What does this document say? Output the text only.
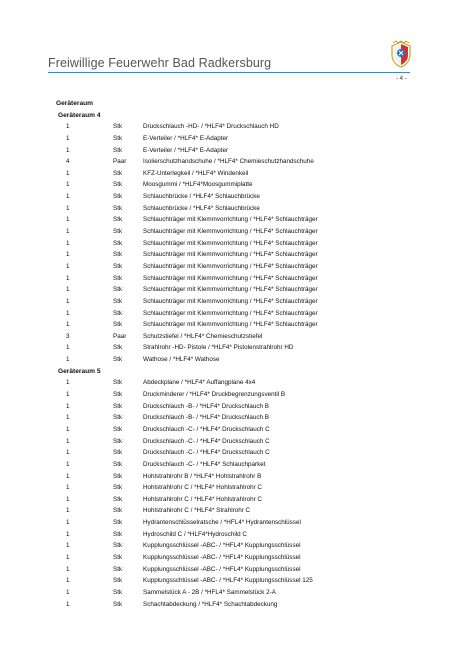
Freiwillige Feuerwehr Bad Radkersburg
- 4 -
Geräteraum
Geräteraum 4
1	Stk	Druckschlauch -HD- / *HLF4* Druckschlauch HD
1	Stk	E-Verteiler / *HLF4* E-Adapter
1	Stk	E-Verteiler / *HLF4* E-Adapter
4	Paar	Isolierschutzhandschuhe / *HLF4* Chemieschutzhandschuhe
1	Stk	KFZ-Unterlegkeil / *HLF4* Windenkeil
1	Stk	Moosgummi / *HLF4*Moosgummiplatte
1	Stk	Schlauchbrücke / *HLF4* Schlauchbrücke
1	Stk	Schlauchbrücke / *HLF4* Schlauchbrücke
1	Stk	Schlauchträger mit Klemmvorrichtung / *HLF4* Schlauchträger
1	Stk	Schlauchträger mit Klemmvorrichtung / *HLF4* Schlauchträger
1	Stk	Schlauchträger mit Klemmvorrichtung / *HLF4* Schlauchträger
1	Stk	Schlauchträger mit Klemmvorrichtung / *HLF4* Schlauchträger
1	Stk	Schlauchträger mit Klemmvorrichtung / *HLF4* Schlauchträger
1	Stk	Schlauchträger mit Klemmvorrichtung / *HLF4* Schlauchträger
1	Stk	Schlauchträger mit Klemmvorrichtung / *HLF4* Schlauchträger
1	Stk	Schlauchträger mit Klemmvorrichtung / *HLF4* Schlauchträger
1	Stk	Schlauchträger mit Klemmvorrichtung / *HLF4* Schlauchträger
1	Stk	Schlauchträger mit Klemmvorrichtung / *HLF4* Schlauchträger
3	Paar	Schutzstiefel / *HLF4* Chemieschutzstiefel
1	Stk	Strahlrohr -HD- Pistole / *HLF4* Pistolenstrahlrohr HD
1	Stk	Wathose / *HLF4* Wathose
Geräteraum 5
1	Stk	Abdeckplane / *HLF4* Auffangplane 4x4
1	Stk	Druckminderer / *HLF4* Druckbegrenzungsventil B
1	Stk	Druckschlauch -B- / *HLF4* Druckschlauch B
1	Stk	Druckschlauch -B- / *HLF4* Druckschlauch B
1	Stk	Druckschlauch -C- / *HLF4* Druckschlauch C
1	Stk	Druckschlauch -C- / *HLF4* Druckschlauch C
1	Stk	Druckschlauch -C- / *HLF4* Druckschlauch C
1	Stk	Druckschlauch -C- / *HLF4* Schlauchparket
1	Stk	Hohlstrahlrohr B / *HLF4* Hohlstrahlrohr B
1	Stk	Hohlstrahlrohr C / *HLF4* Hohlstrahlrohr C
1	Stk	Hohlstrahlrohr C / *HLF4* Hohlstrahlrohr C
1	Stk	Hohlstrahlrohr C / *HLF4* Strahlrohr C
1	Stk	Hydrantenschlüsselratsche / *HFL4* Hydrantenschlüssel
1	Stk	Hydroschild C / *HLF4*Hydroschild C
1	Stk	Kupplungsschlüssel -ABC- / *HFL4* Kupplungsschlüssel
1	Stk	Kupplungsschlüssel -ABC- / *HFL4* Kupplungsschlüssel
1	Stk	Kupplungsschlüssel -ABC- / *HFL4* Kupplungsschlüssel
1	Stk	Kupplungsschlüssel -ABC- / *HLF4* Kupplungsschlüssel 125
1	Stk	Sammelstück A - 2B / *HFL4* Sammelstück 2-A
1	Stk	Schachtabdeckung / *HLF4* Schachtabdeckung
